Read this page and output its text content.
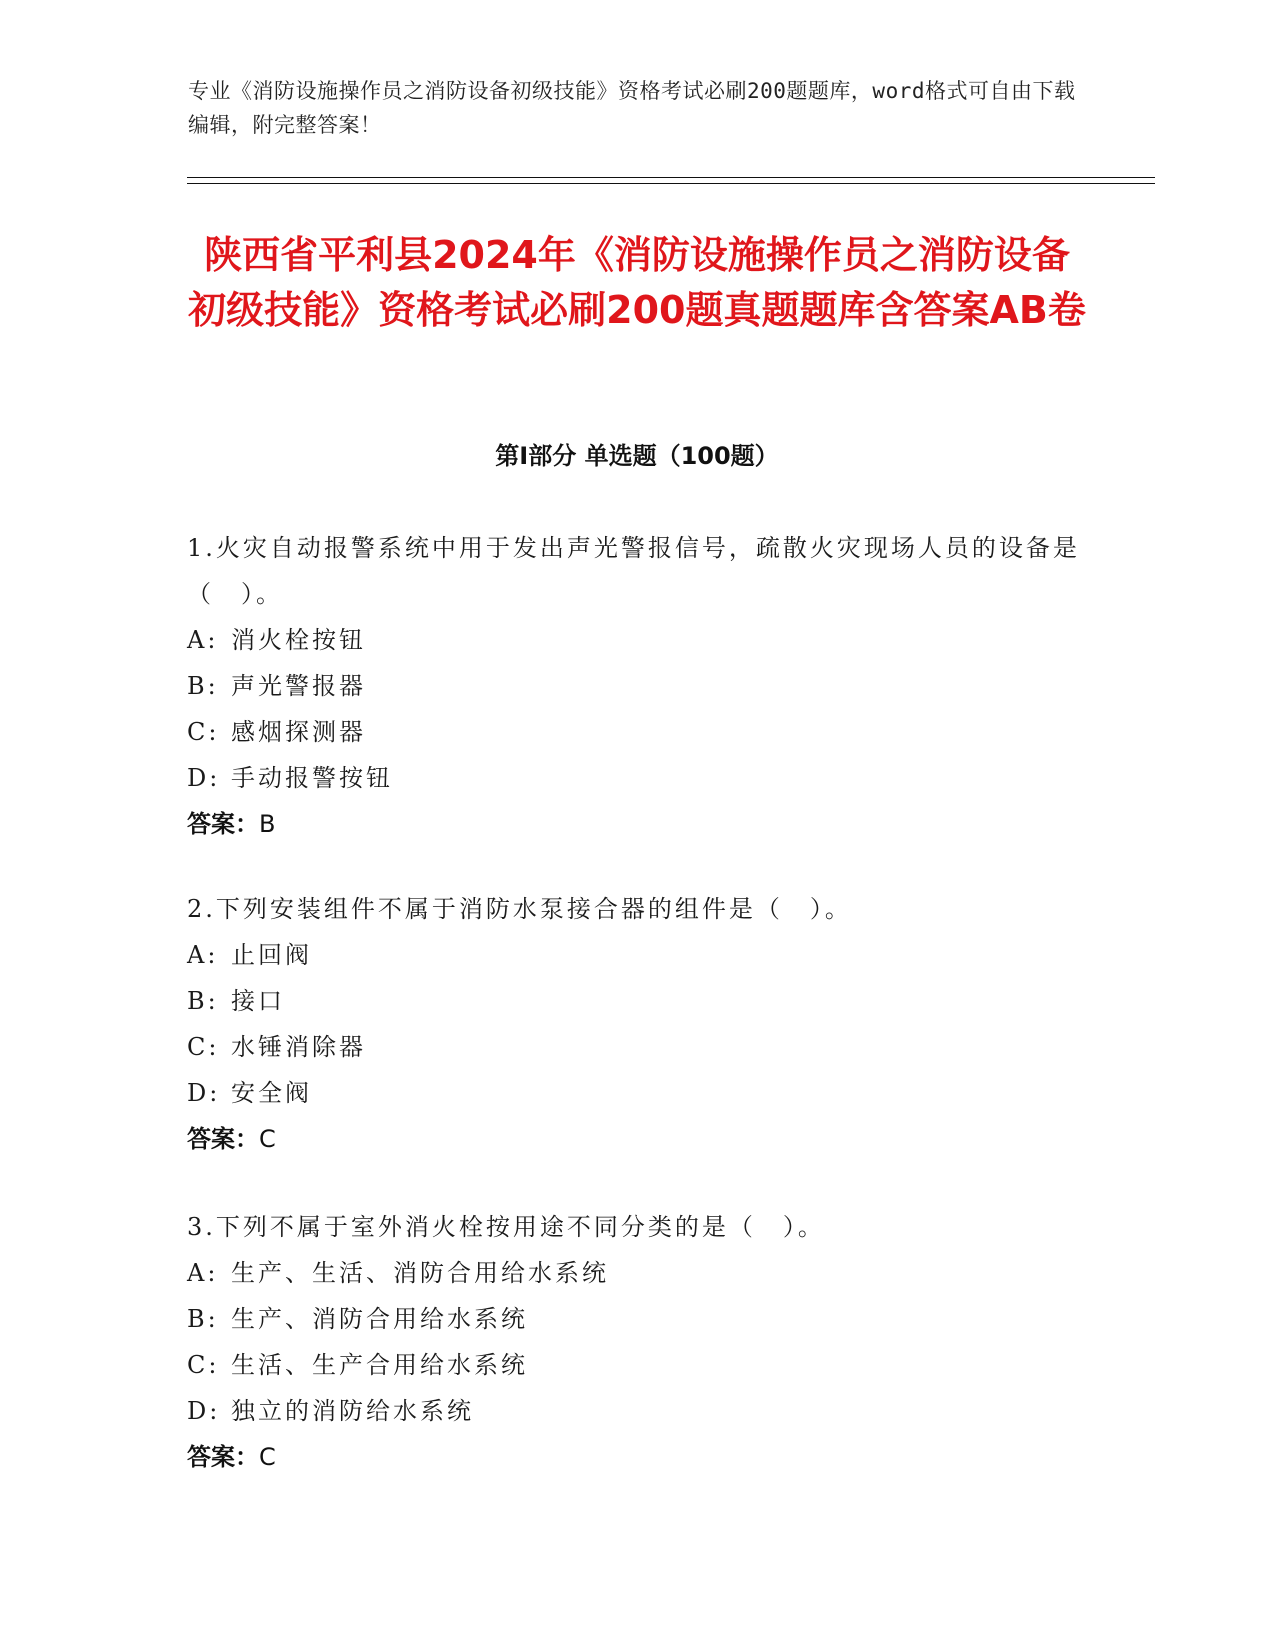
专业《消防设施操作员之消防设备初级技能》资格考试必刷200题题库，word格式可自由下载编辑，附完整答案！
陕西省平利县2024年《消防设施操作员之消防设备初级技能》资格考试必刷200题真题题库含答案AB卷
第I部分 单选题（100题）
1.火灾自动报警系统中用于发出声光警报信号，疏散火灾现场人员的设备是（　）。
A: 消火栓按钮
B: 声光警报器
C: 感烟探测器
D: 手动报警按钮
答案：B
2.下列安装组件不属于消防水泵接合器的组件是（　）。
A: 止回阀
B: 接口
C: 水锤消除器
D: 安全阀
答案：C
3.下列不属于室外消火栓按用途不同分类的是（　）。
A: 生产、生活、消防合用给水系统
B: 生产、消防合用给水系统
C: 生活、生产合用给水系统
D: 独立的消防给水系统
答案：C
